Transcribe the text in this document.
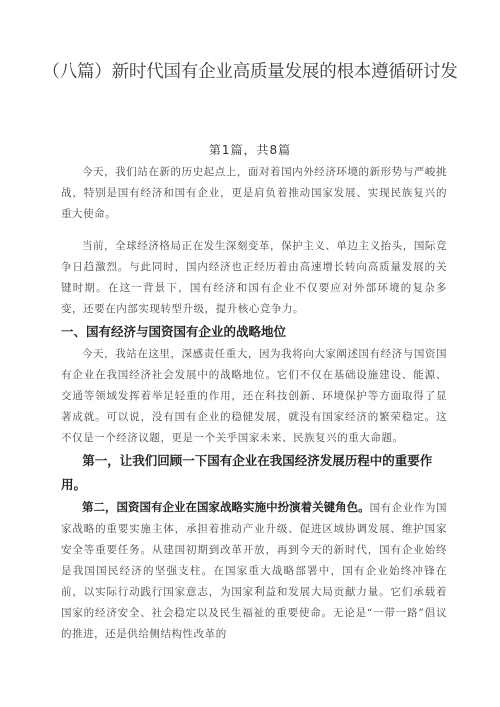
（八篇）新时代国有企业高质量发展的根本遵循研讨发
第1篇，共8篇

今天，我们站在新的历史起点上，面对着国内外经济环境的新形势与严峻挑战，特别是国有经济和国有企业，更是肩负着推动国家发展、实现民族复兴的重大使命。

当前，全球经济格局正在发生深刻变革，保护主义、单边主义抬头，国际竞争日趋激烈。与此同时，国内经济也正经历着由高速增长转向高质量发展的关键时期。在这一背景下，国有经济和国有企业不仅要应对外部环境的复杂多变，还要在内部实现转型升级，提升核心竞争力。

一、国有经济与国资国有企业的战略地位

今天，我站在这里，深感责任重大，因为我将向大家阐述国有经济与国资国有企业在我国经济社会发展中的战略地位。它们不仅在基础设施建设、能源、交通等领域发挥着举足轻重的作用，还在科技创新、环境保护等方面取得了显著成就。可以说，没有国有企业的稳健发展，就没有国家经济的繁荣稳定。这不仅是一个经济议题，更是一个关乎国家未来、民族复兴的重大命题。

第一，让我们回顾一下国有企业在我国经济发展历程中的重要作用。

第二，国资国有企业在国家战略实施中扮演着关键角色。国有企业作为国家战略的重要实施主体，承担着推动产业升级、促进区域协调发展、维护国家安全等重要任务。从建国初期到改革开放，再到今天的新时代，国有企业始终是我国国民经济的坚强支柱。在国家重大战略部署中，国有企业始终冲锋在前，以实际行动践行国家意志，为国家利益和发展大局贡献力量。它们承载着国家的经济安全、社会稳定以及民生福祉的重要使命。无论是“一带一路”倡议的推进，还是供给侧结构性改革的
